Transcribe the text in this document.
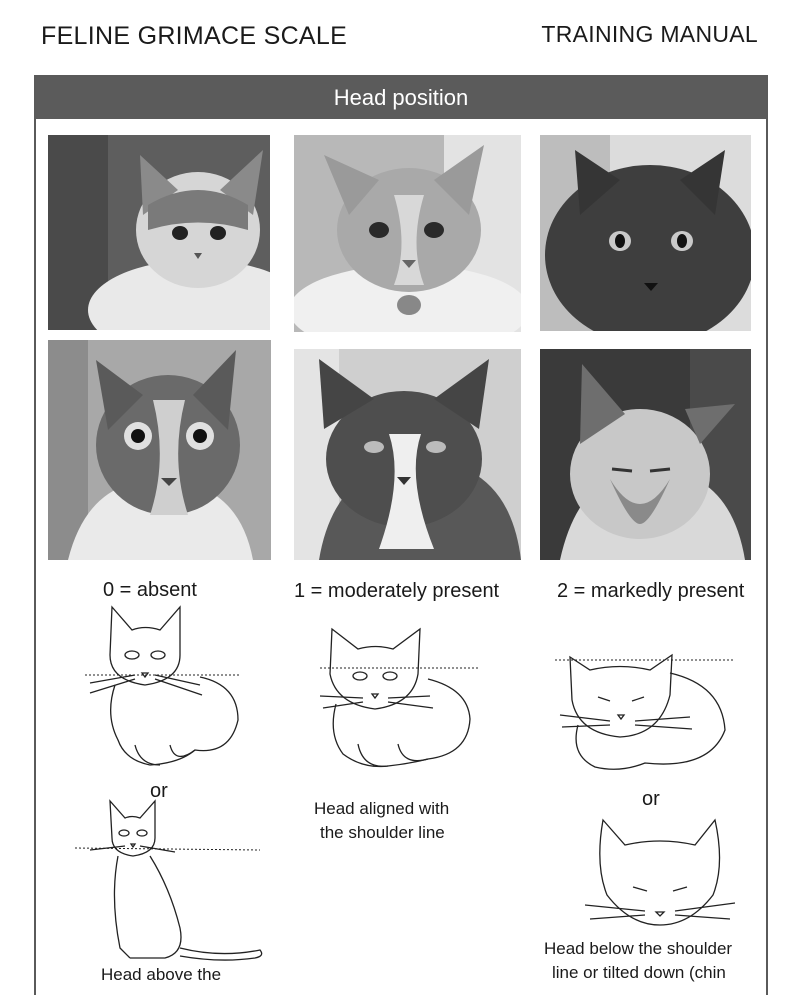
FELINE GRIMACE SCALE	TRAINING MANUAL
Head position
0 = absent	1 = moderately present	2 = markedly present
or
Head above the
Head aligned with
the shoulder line
or
Head below the shoulder
line or tilted down (chin
